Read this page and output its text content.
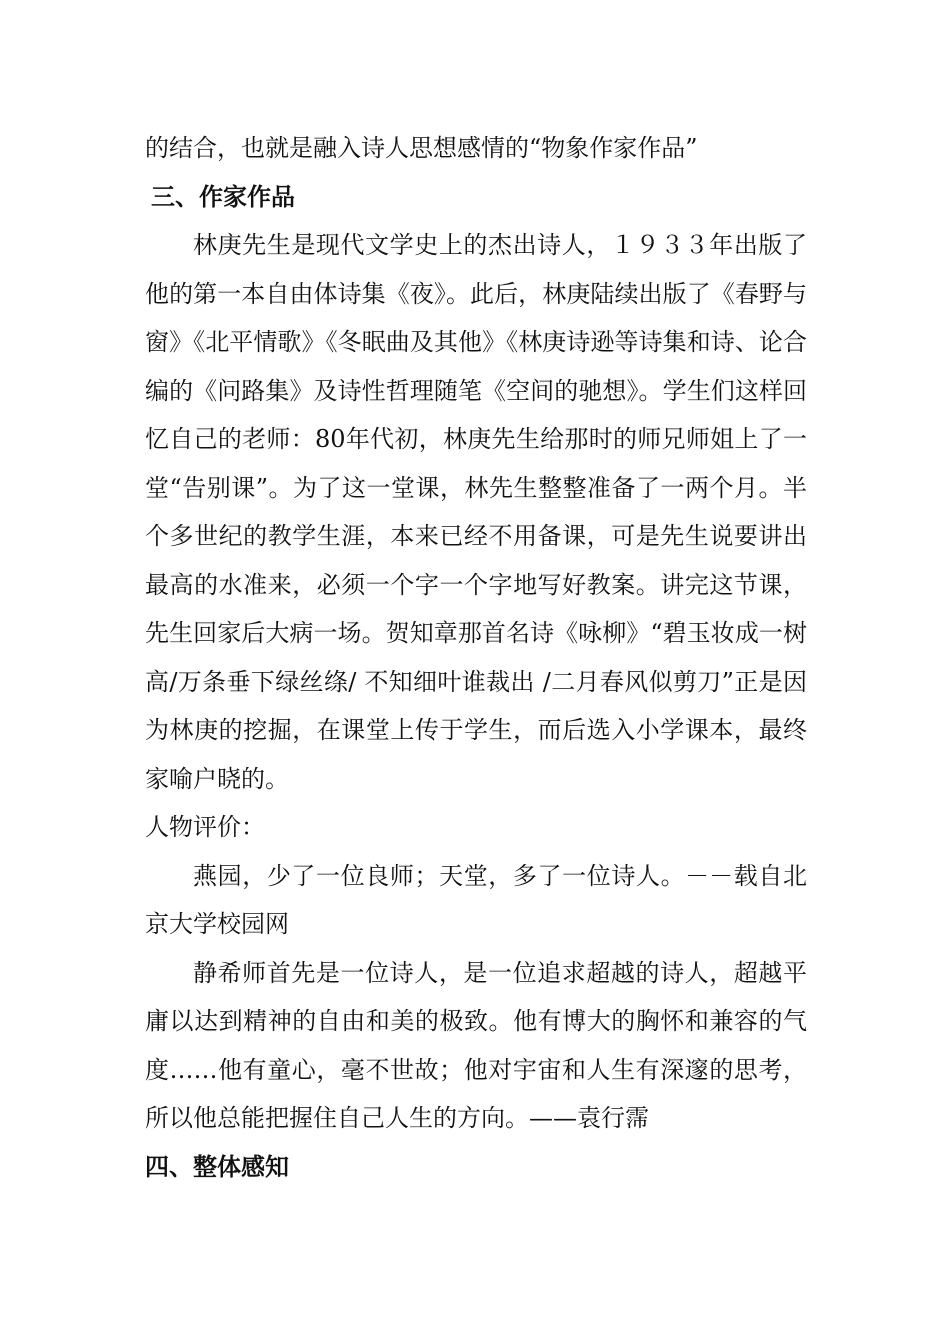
的结合，也就是融入诗人思想感情的“物象作家作品”

三、作家作品

林庚先生是现代文学史上的杰出诗人，１９３３年出版了他的第一本自由体诗集《夜》。此后，林庚陆续出版了《春野与窗》《北平情歌》《冬眠曲及其他》《林庚诗逊等诗集和诗、论合编的《问路集》及诗性哲理随笔《空间的驰想》。学生们这样回忆自己的老师：80年代初，林庚先生给那时的师兄师姐上了一堂“告别课”。为了这一堂课，林先生整整准备了一两个月。半个多世纪的教学生涯，本来已经不用备课，可是先生说要讲出最高的水准来，必须一个字一个字地写好教案。讲完这节课，先生回家后大病一场。贺知章那首名诗《咏柳》“碧玉妆成一树高/万条垂下绿丝绦/ 不知细叶谁裁出 /二月春风似剪刀”正是因为林庚的挖掘，在课堂上传于学生，而后选入小学课本，最终家喻户晓的。

人物评价：

燕园，少了一位良师；天堂，多了一位诗人。－－载自北京大学校园网

静希师首先是一位诗人，是一位追求超越的诗人，超越平庸以达到精神的自由和美的极致。他有博大的胸怀和兼容的气度……他有童心，毫不世故；他对宇宙和人生有深邃的思考，所以他总能把握住自己人生的方向。——袁行霈

四、整体感知
